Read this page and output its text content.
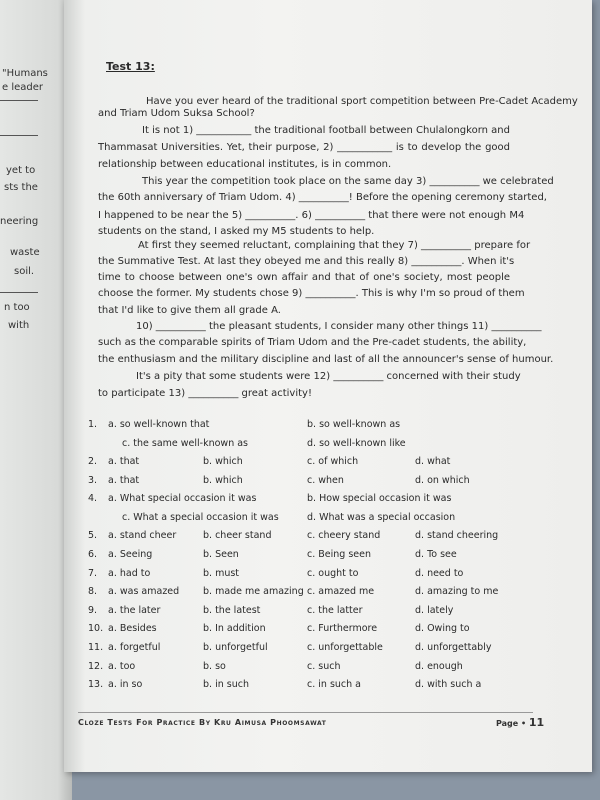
"Humans
e leader
yet to
sts the
neering
waste
soil.
n too
with
Test 13:
Have you ever heard of the traditional sport competition between Pre-Cadet Academy
and Triam Udom Suksa School?
It is not 1) ___________ the traditional football between Chulalongkorn and
Thammasat Universities. Yet, their purpose, 2) ___________ is to develop the good
relationship between educational institutes, is in common.
This year the competition took place on the same day 3) __________ we celebrated
the 60th anniversary of Triam Udom. 4) __________! Before the opening ceremony started,
I happened to be near the 5) __________. 6) __________ that there were not enough M4
students on the stand, I asked my M5 students to help.
At first they seemed reluctant, complaining that they 7) __________ prepare for
the Summative Test. At last they obeyed me and this really 8) __________. When it's
time to choose between one's own affair and that of one's society, most people
choose the former. My students chose 9) __________. This is why I'm so proud of them
that I'd like to give them all grade A.
10) __________ the pleasant students, I consider many other things 11) __________
such as the comparable spirits of Triam Udom and the Pre-cadet students, the ability,
the enthusiasm and the military discipline and last of all the announcer's sense of humour.
It's a pity that some students were 12) __________ concerned with their study
to participate 13) __________ great activity!
1. a. so well-known that	b. so well-known as
c. the same well-known as	d. so well-known like
2. a. that	b. which	c. of which	d. what
3. a. that	b. which	c. when	d. on which
4. a. What special occasion it was	b. How special occasion it was
c. What a special occasion it was	d. What was a special occasion
5. a. stand cheer	b. cheer stand	c. cheery stand	d. stand cheering
6. a. Seeing	b. Seen	c. Being seen	d. To see
7. a. had to	b. must	c. ought to	d. need to
8. a. was amazed	b. made me amazing c. amazed me	d. amazing to me
9. a. the later	b. the latest	c. the latter	d. lately
10. a. Besides	b. In addition	c. Furthermore	d. Owing to
11. a. forgetful	b. unforgetful	c. unforgettable	d. unforgettably
12. a. too	b. so	c. such	d. enough
13. a. in so	b. in such	c. in such a	d. with such a
Cloze Tests For Practice By Kru Aimusa Phoomsawat	Page • 11
